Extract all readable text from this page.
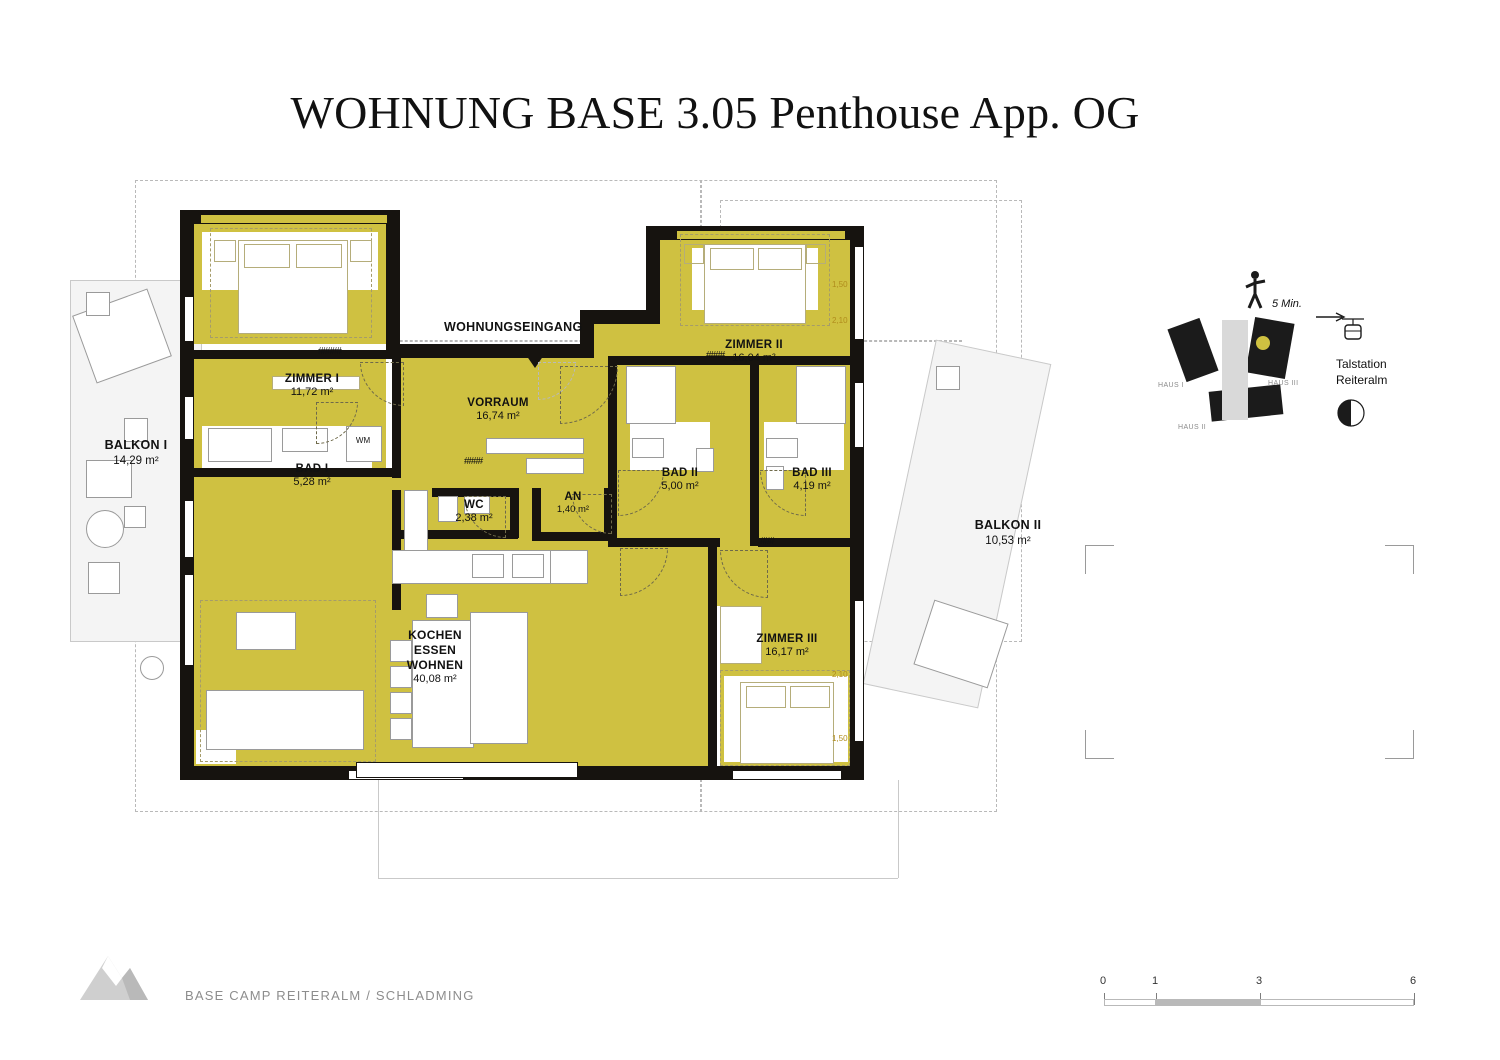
WOHNUNG BASE 3.05 Penthouse App. OG
WM
#####
####
####
###
WOHNUNGSEINGANG
ZIMMER I
11,72 m²
BAD I
5,28 m²
VORRAUM
16,74 m²
WC
2,38 m²
AN
1,40 m²
ZIMMER II
16,04 m²
BAD II
5,00 m²
BAD III
4,19 m²
ZIMMER III
16,17 m²
KOCHEN
ESSEN
WOHNEN
40,08 m²
BALKON I
14,29 m²
BALKON II
10,53 m²
1,50
2,10
2,10
1,50
5 Min.
Talstation
Reiteralm
HAUS I	HAUS III
HAUS II
BASE CAMP REITERALM / SCHLADMING
0	1	3	6
